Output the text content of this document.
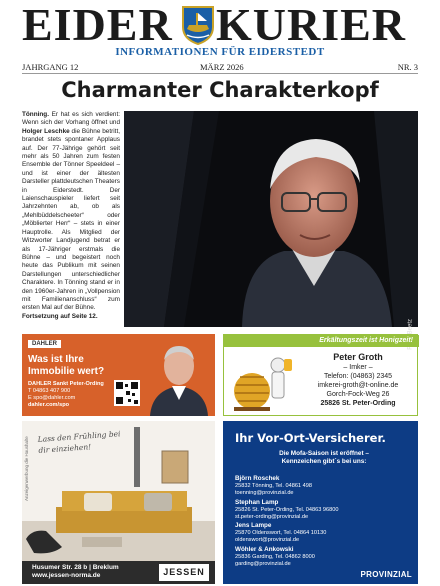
EIDER KURIER
INFORMATIONEN FÜR EIDERSTEDT
JAHRGANG 12	MÄRZ 2026	NR. 3
Charmanter Charakterkopf
Tönning. Er hat es sich verdient: Wenn sich der Vorhang öffnet und Holger Leschke die Bühne betritt, brandet stets spontaner Applaus auf. Der 77-Jährige gehört seit mehr als 50 Jahren zum festen Ensemble der Tönner Speeldeel – und ist einer der ältesten Darsteller plattdeutschen Theaters in Eiderstedt. Der Laienschauspieler liefert seit Jahrzehnten ab, ob als „Mehlbüddelscheeter“ oder „Möblierter Herr“ – stets in einer Hauptrolle. Als Mitglied der Witzworter Landjugend betrat er als 17-Jähriger erstmals die Bühne – und begeistert noch heute das Publikum mit seinen Darstellungen unterschiedlicher Charaktere. In Tönning stand er in den 1960er-Jahren in „Vollpension mit Familienanschluss“ zum ersten Mal auf der Bühne.
Fortsetzung auf Seite 12.
DAHLER
Was ist Ihre
Immobilie wert?
DAHLER Sankt Peter-Ording
T 04863 407 900
E spo@dahler.com
dahler.com/spo
Erkältungszeit ist Honigzeit!
Peter Groth
– Imker –
Telefon: (04863) 2345
imkerei-groth@t-online.de
Gorch-Fock-Weg 26
25826 St. Peter-Ording
Lass den Frühling bei dir einziehen!
Anzeigenwerbung die Haushalte
Husumer Str. 28 b | Breklum
www.jessen-norma.de	JESSEN
Ihr Vor-Ort-Versicherer.
Die Mofa-Saison ist eröffnet –
Kennzeichen gibt´s bei uns:
Björn Roschek
25832 Tönning, Tel. 04861 498
toenning@provinzial.de
Stephan Lamp
25826 St. Peter-Ording, Tel. 04863 96800
st.peter-ording@provinzial.de
Jens Lampe
25870 Oldenswort, Tel. 04864 10130
oldenswort@provinzial.de
Wöhler & Ankowski
25836 Garding, Tel. 04862 8000
garding@provinzial.de
PROVINZIAL
